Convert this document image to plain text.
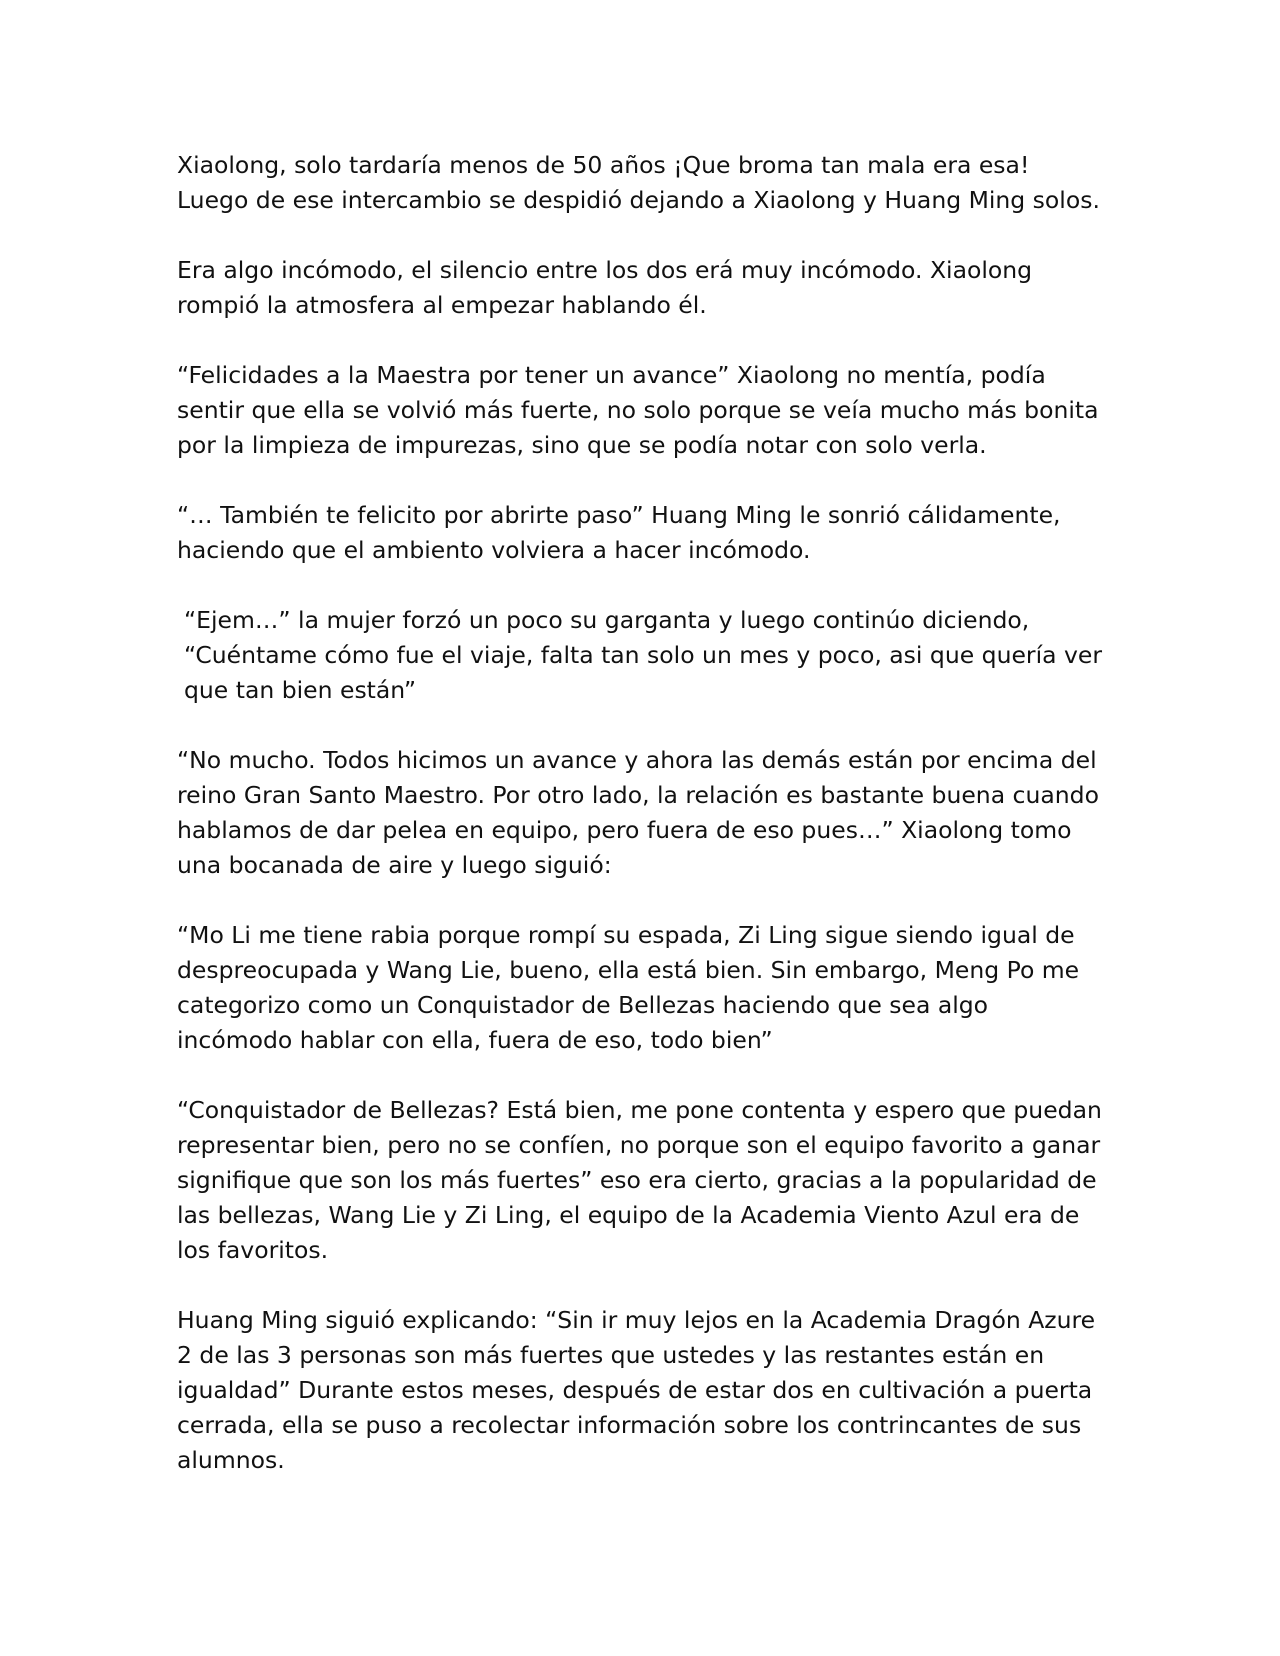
Xiaolong, solo tardaría menos de 50 años ¡Que broma tan mala era esa! Luego de ese intercambio se despidió dejando a Xiaolong y Huang Ming solos.

Era algo incómodo, el silencio entre los dos erá muy incómodo. Xiaolong rompió la atmosfera al empezar hablando él.

“Felicidades a la Maestra por tener un avance” Xiaolong no mentía, podía sentir que ella se volvió más fuerte, no solo porque se veía mucho más bonita por la limpieza de impurezas, sino que se podía notar con solo verla.

“… También te felicito por abrirte paso” Huang Ming le sonrió cálidamente, haciendo que el ambiento volviera a hacer incómodo.

“Ejem…” la mujer forzó un poco su garganta y luego continúo diciendo, “Cuéntame cómo fue el viaje, falta tan solo un mes y poco, asi que quería ver que tan bien están”

“No mucho. Todos hicimos un avance y ahora las demás están por encima del reino Gran Santo Maestro. Por otro lado, la relación es bastante buena cuando hablamos de dar pelea en equipo, pero fuera de eso pues…” Xiaolong tomo una bocanada de aire y luego siguió:

“Mo Li me tiene rabia porque rompí su espada, Zi Ling sigue siendo igual de despreocupada y Wang Lie, bueno, ella está bien. Sin embargo, Meng Po me categorizo como un Conquistador de Bellezas haciendo que sea algo incómodo hablar con ella, fuera de eso, todo bien”

“Conquistador de Bellezas? Está bien, me pone contenta y espero que puedan representar bien, pero no se confíen, no porque son el equipo favorito a ganar signifique que son los más fuertes” eso era cierto, gracias a la popularidad de las bellezas, Wang Lie y Zi Ling, el equipo de la Academia Viento Azul era de los favoritos.

Huang Ming siguió explicando: “Sin ir muy lejos en la Academia Dragón Azure 2 de las 3 personas son más fuertes que ustedes y las restantes están en igualdad” Durante estos meses, después de estar dos en cultivación a puerta cerrada, ella se puso a recolectar información sobre los contrincantes de sus alumnos.
